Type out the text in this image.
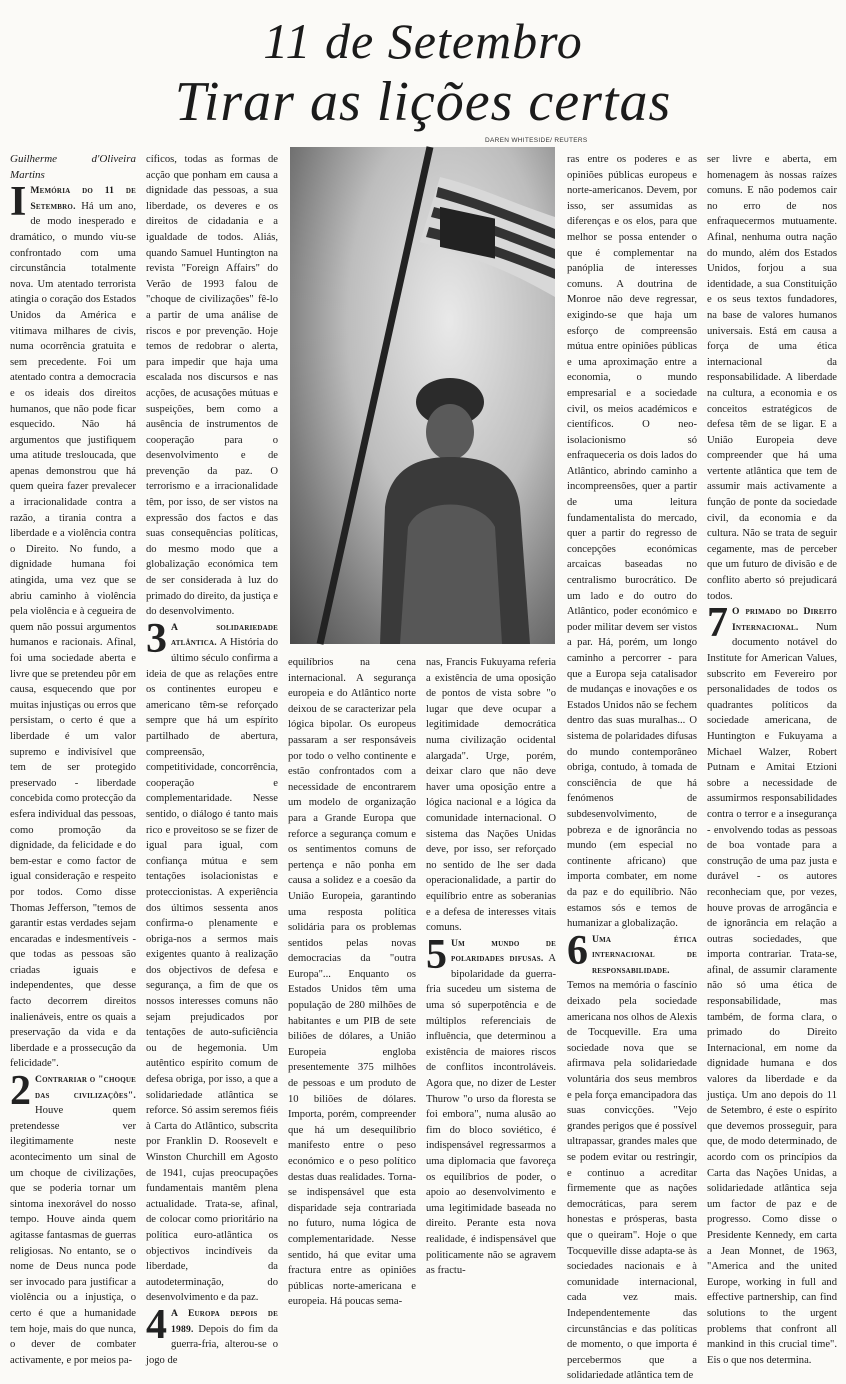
11 de Setembro
Tirar as lições certas
DAREN WHITESIDE/ REUTERS

Guilherme d'Oliveira Martins

I Memória do 11 de Setembro. Há um ano, de modo inesperado e dramático, o mundo viu-se confrontado com uma circunstância totalmente nova. Um atentado terrorista atingia o coração dos Estados Unidos da América e vitimava milhares de civis, numa ocorrência gratuita e sem precedente. Foi um atentado contra a democracia e os ideais dos direitos humanos, que não pode ficar esquecido. Não há argumentos que justifiquem uma atitude tresloucada, que apenas demonstrou que há quem queira fazer prevalecer a irracionalidade contra a razão, a tirania contra a liberdade e a violência contra o Direito. No fundo, a dignidade humana foi atingida, uma vez que se abriu caminho à violência pela violência e à cegueira de quem não possui argumentos humanos e racionais. Afinal, foi uma sociedade aberta e livre que se pretendeu pôr em causa, esquecendo que por muitas injustiças ou erros que persistam, o certo é que a liberdade é um valor supremo e indivisível que tem de ser protegido preservado - liberdade concebida como protecção da esfera individual das pessoas, como promoção da dignidade, da felicidade e do bem-estar e como factor de igual consideração e respeito por todos. Como disse Thomas Jefferson, "temos de garantir estas verdades sejam encaradas e indesmentíveis - que todas as pessoas são criadas iguais e independentes, que desse facto decorrem direitos inalienáveis, entre os quais a preservação da vida e da liberdade e a prossecução da felicidade".

2 Contrariar o "choque das civilizações". Houve quem pretendesse ver ilegitimamente neste acontecimento um sinal de um choque de civilizações, que se poderia tornar um sintoma inexorável do nosso tempo. Houve ainda quem agitasse fantasmas de guerras religiosas. No entanto, se o nome de Deus nunca pode ser invocado para justificar a violência ou a injustiça, o certo é que a humanidade tem hoje, mais do que nunca, o dever de combater activamente, e por meios pa-

cíficos, todas as formas de acção que ponham em causa a dignidade das pessoas, a sua liberdade, os deveres e os direitos de cidadania e a igualdade de todos. Aliás, quando Samuel Huntington na revista "Foreign Affairs" do Verão de 1993 falou de "choque de civilizações" fê-lo a partir de uma análise de riscos e por prevenção. Hoje temos de redobrar o alerta, para impedir que haja uma escalada nos discursos e nas acções, de acusações mútuas e suspeições, bem como a ausência de instrumentos de cooperação para o desenvolvimento e de prevenção da paz. O terrorismo e a irracionalidade têm, por isso, de ser vistos na expressão dos factos e das suas consequências políticas, do mesmo modo que a globalização económica tem de ser considerada à luz do primado do direito, da justiça e do desenvolvimento.

3 A solidariedade atlântica. A História do último século confirma a ideia de que as relações entre os continentes europeu e americano têm-se reforçado sempre que há um espírito partilhado de abertura, compreensão, competitividade, concorrência, cooperação e complementaridade. Nesse sentido, o diálogo é tanto mais rico e proveitoso se se fizer de igual para igual, com confiança mútua e sem tentações isolacionistas e proteccionistas. A experiência dos últimos sessenta anos confirma-o plenamente e obriga-nos a sermos mais exigentes quanto à realização dos objectivos de defesa e segurança, a fim de que os nossos interesses comuns não sejam prejudicados por tentações de auto-suficiência ou de hegemonia. Um autêntico espírito comum de defesa obriga, por isso, a que a solidariedade atlântica se reforce. Só assim seremos fiéis à Carta do Atlântico, subscrita por Franklin D. Roosevelt e Winston Churchill em Agosto de 1941, cujas preocupações fundamentais mantêm plena actualidade. Trata-se, afinal, de colocar como prioritário na política euro-atlântica os objectivos incindíveis da liberdade, da autodeterminação, do desenvolvimento e da paz.

4 A Europa depois de 1989. Depois do fim da guerra-fria, alterou-se o jogo de

equilíbrios na cena internacional. A segurança europeia e do Atlântico norte deixou de se caracterizar pela lógica bipolar. Os europeus passaram a ser responsáveis por todo o velho continente e estão confrontados com a necessidade de encontrarem um modelo de organização para a Grande Europa que reforce a segurança comum e os sentimentos comuns de pertença e não ponha em causa a solidez e a coesão da União Europeia, garantindo uma resposta política solidária para os problemas sentidos pelas novas democracias da "outra Europa"... Enquanto os Estados Unidos têm uma população de 280 milhões de habitantes e um PIB de sete biliões de dólares, a União Europeia engloba presentemente 375 milhões de pessoas e um produto de 10 biliões de dólares. Importa, porém, compreender que há um desequilíbrio manifesto entre o peso económico e o peso político destas duas realidades. Torna-se indispensável que esta disparidade seja contrariada no futuro, numa lógica de complementaridade. Nesse sentido, há que evitar uma fractura entre as opiniões públicas norte-americana e europeia. Há poucas sema-

nas, Francis Fukuyama referia a existência de uma oposição de pontos de vista sobre "o lugar que deve ocupar a legitimidade democrática numa civilização ocidental alargada". Urge, porém, deixar claro que não deve haver uma oposição entre a lógica nacional e a lógica da comunidade internacional. O sistema das Nações Unidas deve, por isso, ser reforçado no sentido de lhe ser dada operacionalidade, a partir do equilíbrio entre as soberanias e a defesa de interesses vitais comuns.

5 Um mundo de polaridades difusas. A bipolaridade da guerra-fria sucedeu um sistema de uma só superpotência e de múltiplos referenciais de influência, que determinou a existência de maiores riscos de conflitos incontroláveis. Agora que, no dizer de Lester Thurow "o urso da floresta se foi embora", numa alusão ao fim do bloco soviético, é indispensável regressarmos a uma diplomacia que favoreça os equilíbrios de poder, o apoio ao desenvolvimento e uma legitimidade baseada no direito. Perante esta nova realidade, é indispensável que politicamente não se agravem as fractu-

ras entre os poderes e as opiniões públicas europeus e norte-americanos. Devem, por isso, ser assumidas as diferenças e os elos, para que melhor se possa entender o que é complementar na panóplia de interesses comuns. A doutrina de Monroe não deve regressar, exigindo-se que haja um esforço de compreensão mútua entre opiniões públicas e uma aproximação entre a economia, o mundo empresarial e a sociedade civil, os meios académicos e científicos. O neo-isolacionismo só enfraqueceria os dois lados do Atlântico, abrindo caminho a incompreensões, quer a partir de uma leitura fundamentalista do mercado, quer a partir do regresso de concepções económicas arcaicas baseadas no centralismo burocrático. De um lado e do outro do Atlântico, poder económico e poder militar devem ser vistos a par. Há, porém, um longo caminho a percorrer - para que a Europa seja catalisador de mudanças e inovações e os Estados Unidos não se fechem dentro das suas muralhas... O sistema de polaridades difusas do mundo contemporâneo obriga, contudo, à tomada de consciência de que há fenómenos de subdesenvolvimento, de pobreza e de ignorância no mundo (em especial no continente africano) que importa combater, em nome da paz e do equilíbrio. Não estamos sós e temos de humanizar a globalização.

6 Uma ética internacional de responsabilidade. Temos na memória o fascínio deixado pela sociedade americana nos olhos de Alexis de Tocqueville. Era uma sociedade nova que se afirmava pela solidariedade voluntária dos seus membros e pela força emancipadora das suas convicções. "Vejo grandes perigos que é possível ultrapassar, grandes males que se podem evitar ou restringir, e continuo a acreditar firmemente que as nações democráticas, para serem honestas e prósperas, basta que o queiram". Hoje o que Tocqueville disse adapta-se às sociedades nacionais e à comunidade internacional, cada vez mais. Independentemente das circunstâncias e das políticas de momento, o que importa é percebermos que a solidariedade atlântica tem de

ser livre e aberta, em homenagem às nossas raízes comuns. E não podemos cair no erro de nos enfraquecermos mutuamente. Afinal, nenhuma outra nação do mundo, além dos Estados Unidos, forjou a sua identidade, a sua Constituição e os seus textos fundadores, na base de valores humanos universais. Está em causa a força de uma ética internacional da responsabilidade. A liberdade na cultura, a economia e os conceitos estratégicos de defesa têm de se ligar. E a União Europeia deve compreender que há uma vertente atlântica que tem de assumir mais activamente a função de ponte da sociedade civil, da economia e da cultura. Não se trata de seguir cegamente, mas de perceber que um futuro de divisão e de conflito aberto só prejudicará todos.

7 O primado do Direito Internacional. Num documento notável do Institute for American Values, subscrito em Fevereiro por personalidades de todos os quadrantes políticos da sociedade americana, de Huntington e Fukuyama a Michael Walzer, Robert Putnam e Amitai Etzioni sobre a necessidade de assumirmos responsabilidades contra o terror e a insegurança - envolvendo todas as pessoas de boa vontade para a construção de uma paz justa e durável - os autores reconheciam que, por vezes, houve provas de arrogância e de ignorância em relação a outras sociedades, que importa contrariar. Trata-se, afinal, de assumir claramente não só uma ética de responsabilidade, mas também, de forma clara, o primado do Direito Internacional, em nome da dignidade humana e dos valores da liberdade e da justiça. Um ano depois do 11 de Setembro, é este o espírito que devemos prosseguir, para que, de modo determinado, de acordo com os princípios da Carta das Nações Unidas, a solidariedade atlântica seja um factor de paz e de progresso. Como disse o Presidente Kennedy, em carta a Jean Monnet, de 1963, "America and the united Europe, working in full and effective partnership, can find solutions to the urgent problems that confront all mankind in this crucial time". Eis o que nos determina.
